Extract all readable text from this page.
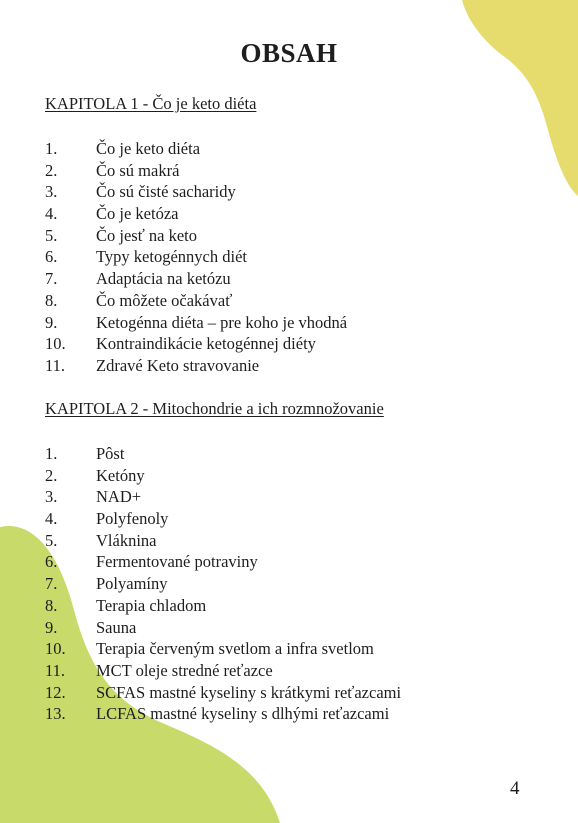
OBSAH
KAPITOLA 1 - Čo je keto diéta
1.	Čo je keto diéta
2.	Čo sú makrá
3.	Čo sú čisté sacharidy
4.	Čo je ketóza
5.	Čo jesť na keto
6.	Typy ketogénnych diét
7.	Adaptácia na ketózu
8.	Čo môžete očakávať
9.	Ketogénna diéta – pre koho je vhodná
10.	Kontraindikácie ketogénnej diéty
11.	Zdravé Keto stravovanie
KAPITOLA 2 - Mitochondrie a ich rozmnožovanie
1.	Pôst
2.	Ketóny
3.	NAD+
4.	Polyfenoly
5.	Vláknina
6.	Fermentované potraviny
7.	Polyamíny
8.	Terapia chladom
9.	Sauna
10.	Terapia červeným svetlom a infra svetlom
11.	MCT oleje stredné reťazce
12.	SCFAS mastné kyseliny s krátkymi reťazcami
13.	LCFAS mastné kyseliny s dlhými reťazcami
4
